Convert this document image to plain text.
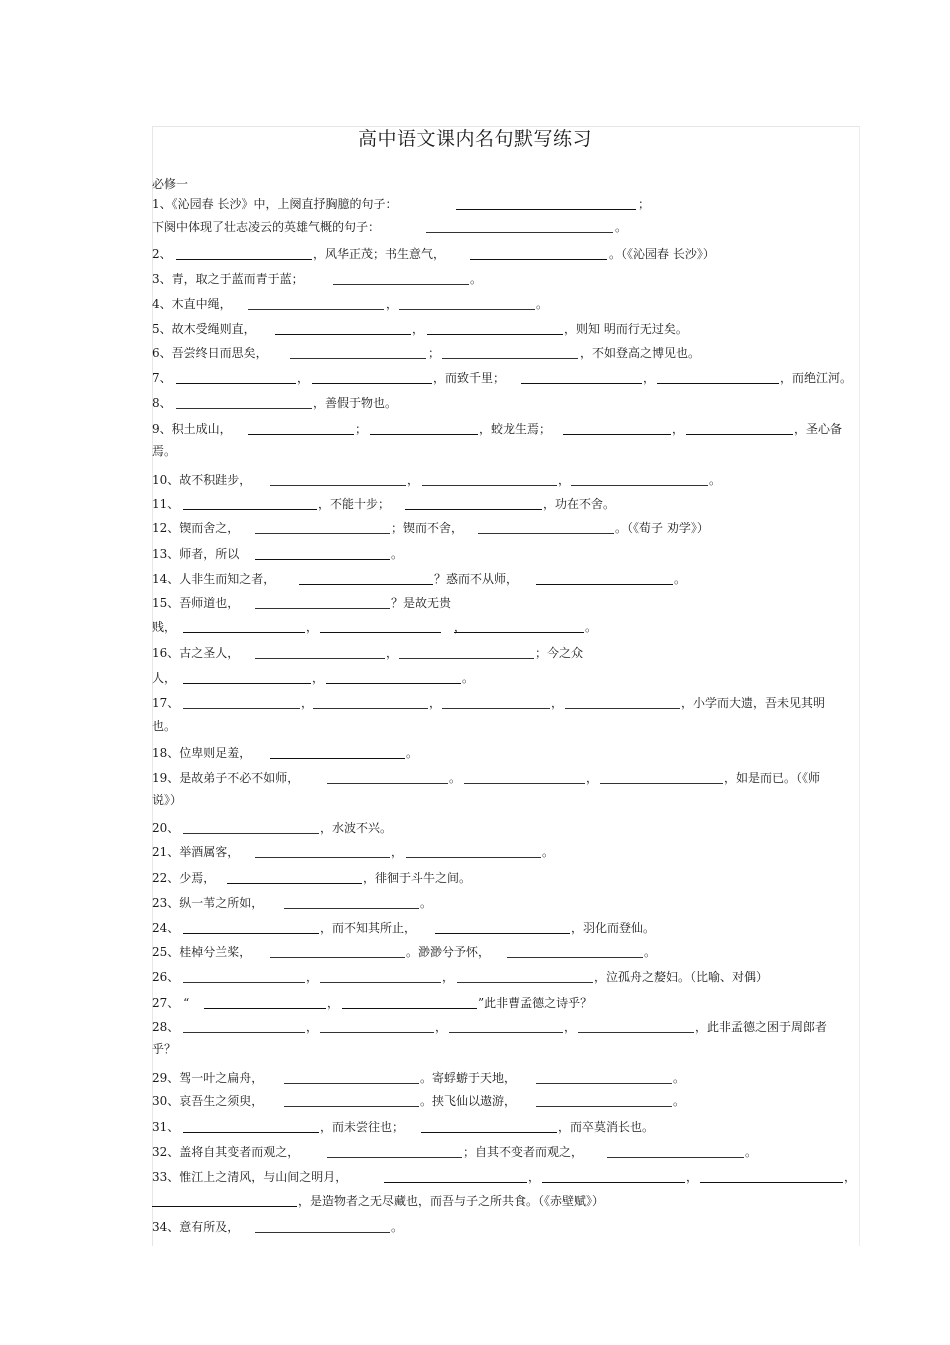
高中语文课内名句默写练习
必修一
1、《沁园春 长沙》中，上阕直抒胸臆的句子：	；
下阕中体现了壮志凌云的英雄气概的句子：	。
2、	，风华正茂；书生意气，	。（《沁园春 长沙》）
3、青，取之于蓝而青于蓝；	。
4、木直中绳，	，	。
5、故木受绳则直，	，	，则知 明而行无过矣。
6、吾尝终日而思矣，	；	，不如登高之博见也。
7、	，	，而致千里；	，	，而绝江河。
8、	，善假于物也。
9、积土成山，	；	，蛟龙生焉；	，	，圣心备
焉。
10、故不积跬步，	，	，	。
11、	，不能十步；	，功在不舍。
12、锲而舍之，	；锲而不舍，	。（《荀子 劝学》）
13、师者，所以	。
14、人非生而知之者，	？惑而不从师，	。
15、吾师道也，	？是故无贵
贱，	，	，	。
16、古之圣人，	，	；今之众
人，	，	。
17、	，	，	，	，小学而大遗，吾未见其明
也。
18、位卑则足羞，	。
19、是故弟子不必不如师，	。	，	，如是而已。（《师
说》）
20、	，水波不兴。
21、举酒属客，	，	。
22、少焉，	，徘徊于斗牛之间。
23、纵一苇之所如，	。
24、	，而不知其所止，	，羽化而登仙。
25、桂棹兮兰桨，	。渺渺兮予怀，	。
26、	，	，	，泣孤舟之嫠妇。（比喻、对偶）
27、 “	，	”此非曹孟德之诗乎？
28、	，	，	，	，此非孟德之困于周郎者
乎？
29、驾一叶之扁舟，	。寄蜉蝣于天地，	。
30、哀吾生之须臾，	。挟飞仙以遨游，	。
31、	，而未尝往也；	，而卒莫消长也。
32、盖将自其变者而观之，	；自其不变者而观之，	。
33、惟江上之清风，与山间之明月，	，	，	，
，是造物者之无尽藏也，而吾与子之所共食。（《赤壁赋》）
34、意有所及，	。
